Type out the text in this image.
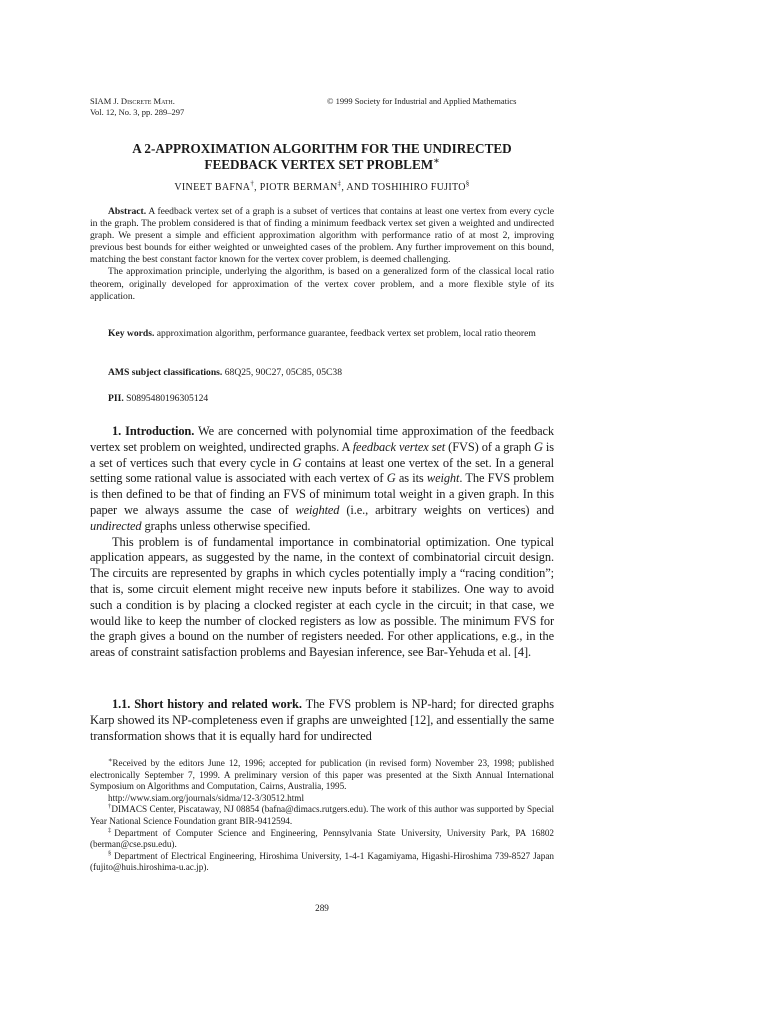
SIAM J. Discrete Math.
Vol. 12, No. 3, pp. 289–297
© 1999 Society for Industrial and Applied Mathematics
A 2-APPROXIMATION ALGORITHM FOR THE UNDIRECTED
FEEDBACK VERTEX SET PROBLEM∗
VINEET BAFNA†, PIOTR BERMAN‡, AND TOSHIHIRO FUJITO§

Abstract. A feedback vertex set of a graph is a subset of vertices that contains at least one vertex from every cycle in the graph. The problem considered is that of finding a minimum feedback vertex set given a weighted and undirected graph. We present a simple and efficient approximation algorithm with performance ratio of at most 2, improving previous best bounds for either weighted or unweighted cases of the problem. Any further improvement on this bound, matching the best constant factor known for the vertex cover problem, is deemed challenging.

The approximation principle, underlying the algorithm, is based on a generalized form of the classical local ratio theorem, originally developed for approximation of the vertex cover problem, and a more flexible style of its application.

Key words. approximation algorithm, performance guarantee, feedback vertex set problem, local ratio theorem
AMS subject classifications. 68Q25, 90C27, 05C85, 05C38
PII. S0895480196305124

1. Introduction. We are concerned with polynomial time approximation of the feedback vertex set problem on weighted, undirected graphs. A feedback vertex set (FVS) of a graph G is a set of vertices such that every cycle in G contains at least one vertex of the set. In a general setting some rational value is associated with each vertex of G as its weight. The FVS problem is then defined to be that of finding an FVS of minimum total weight in a given graph. In this paper we always assume the case of weighted (i.e., arbitrary weights on vertices) and undirected graphs unless otherwise specified.

This problem is of fundamental importance in combinatorial optimization. One typical application appears, as suggested by the name, in the context of combinatorial circuit design. The circuits are represented by graphs in which cycles potentially imply a “racing condition”; that is, some circuit element might receive new inputs before it stabilizes. One way to avoid such a condition is by placing a clocked register at each cycle in the circuit; in that case, we would like to keep the number of clocked registers as low as possible. The minimum FVS for the graph gives a bound on the number of registers needed. For other applications, e.g., in the areas of constraint satisfaction problems and Bayesian inference, see Bar-Yehuda et al. [4].

1.1. Short history and related work. The FVS problem is NP-hard; for directed graphs Karp showed its NP-completeness even if graphs are unweighted [12], and essentially the same transformation shows that it is equally hard for undirected

∗Received by the editors June 12, 1996; accepted for publication (in revised form) November 23, 1998; published electronically September 7, 1999. A preliminary version of this paper was presented at the Sixth Annual International Symposium on Algorithms and Computation, Cairns, Australia, 1995.

http://www.siam.org/journals/sidma/12-3/30512.html

†DIMACS Center, Piscataway, NJ 08854 (bafna@dimacs.rutgers.edu). The work of this author was supported by Special Year National Science Foundation grant BIR-9412594.

‡Department of Computer Science and Engineering, Pennsylvania State University, University Park, PA 16802 (berman@cse.psu.edu).

§ Department of Electrical Engineering, Hiroshima University, 1-4-1 Kagamiyama, Higashi-Hiroshima 739-8527 Japan (fujito@huis.hiroshima-u.ac.jp).

289
